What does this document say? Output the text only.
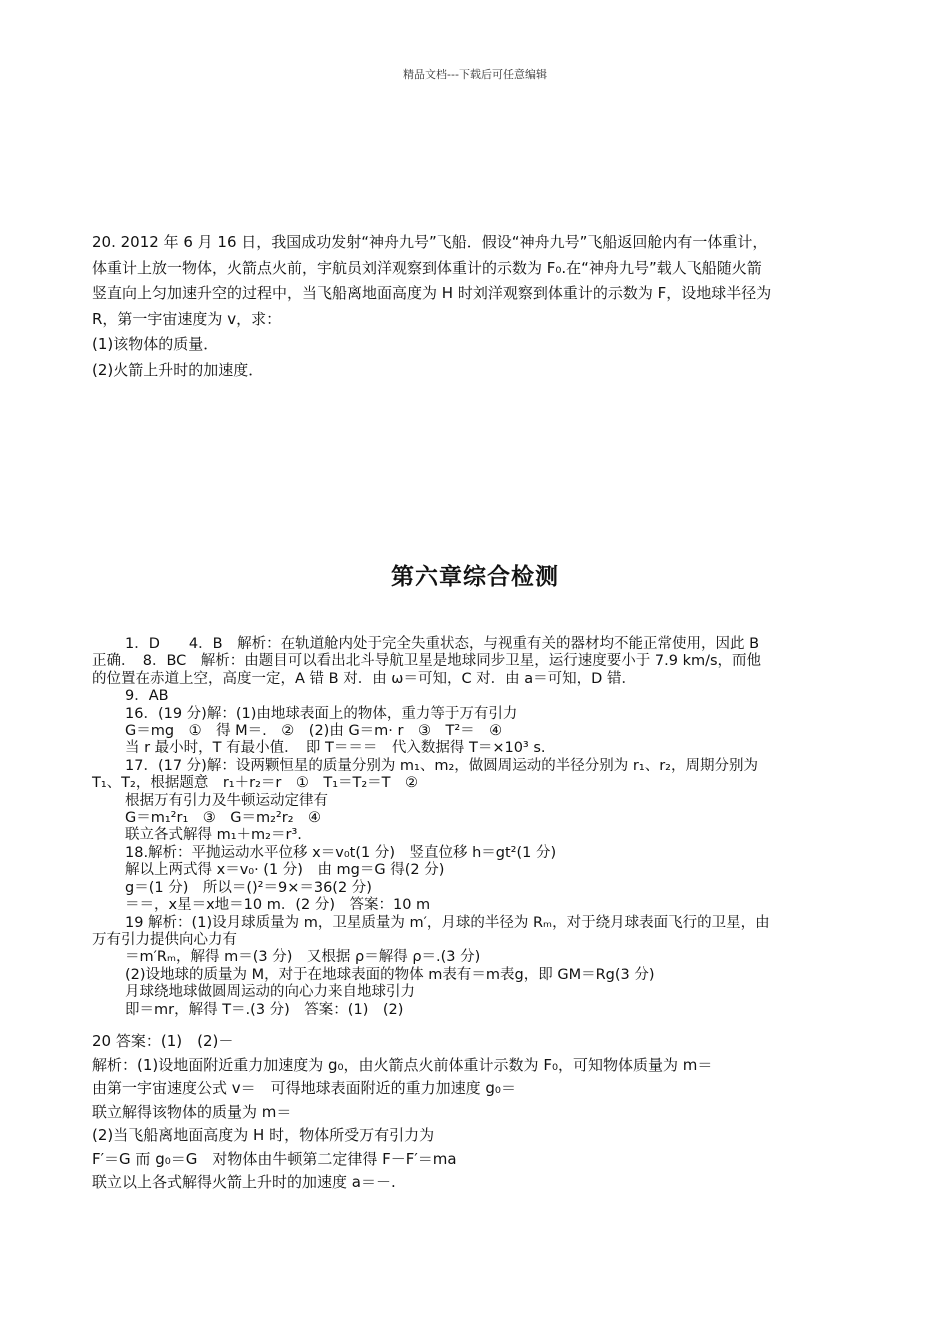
精品文档---下载后可任意编辑

20. 2012 年 6 月 16 日，我国成功发射“神舟九号”飞船．假设“神舟九号”飞船返回舱内有一体重计，

体重计上放一物体，火箭点火前，宇航员刘洋观察到体重计的示数为 F₀.在“神舟九号”载人飞船随火箭

竖直向上匀加速升空的过程中，当飞船离地面高度为 H 时刘洋观察到体重计的示数为 F，设地球半径为

R，第一宇宙速度为 v，求：

(1)该物体的质量．

(2)火箭上升时的加速度．

第六章综合检测

1．D　　4．B　解析：在轨道舱内处于完全失重状态，与视重有关的器材均不能正常使用，因此 B

正确．　8．BC　解析：由题目可以看出北斗导航卫星是地球同步卫星，运行速度要小于 7.9 km/s，而他

的位置在赤道上空，高度一定，A 错 B 对．由 ω＝可知，C 对．由 a＝可知，D 错．

9．AB

16．(19 分)解：(1)由地球表面上的物体，重力等于万有引力

G＝mg　①　得 M＝.　②　(2)由 G＝m· r　③　T²＝　④

当 r 最小时，T 有最小值．　即 T＝＝＝　代入数据得 T＝×10³ s.

17．(17 分)解：设两颗恒星的质量分别为 m₁、m₂，做圆周运动的半径分别为 r₁、r₂，周期分别为

T₁、T₂，根据题意　r₁＋r₂＝r　①　T₁＝T₂＝T　②

根据万有引力及牛顿运动定律有

G＝m₁²r₁　③　G＝m₂²r₂　④

联立各式解得 m₁＋m₂＝r³.

18.解析：平抛运动水平位移 x＝v₀t(1 分)　竖直位移 h＝gt²(1 分)

解以上两式得 x＝v₀· (1 分)　由 mg＝G 得(2 分)

g＝(1 分)　所以＝()²＝9×＝36(2 分)

＝＝，x星＝x地＝10 m．(2 分)　答案：10 m

19 解析：(1)设月球质量为 m，卫星质量为 m′，月球的半径为 Rₘ，对于绕月球表面飞行的卫星，由

万有引力提供向心力有

＝m′Rₘ，解得 m＝(3 分)　又根据 ρ＝解得 ρ＝.(3 分)

(2)设地球的质量为 M，对于在地球表面的物体 m表有＝m表g，即 GM＝Rg(3 分)

月球绕地球做圆周运动的向心力来自地球引力

即＝mr，解得 T＝.(3 分)　答案：(1)　(2)

20 答案：(1)　(2)－

解析：(1)设地面附近重力加速度为 g₀，由火箭点火前体重计示数为 F₀，可知物体质量为 m＝

由第一宇宙速度公式 v＝　可得地球表面附近的重力加速度 g₀＝

联立解得该物体的质量为 m＝

(2)当飞船离地面高度为 H 时，物体所受万有引力为

F′＝G 而 g₀＝G　对物体由牛顿第二定律得 F－F′＝ma

联立以上各式解得火箭上升时的加速度 a＝－.
